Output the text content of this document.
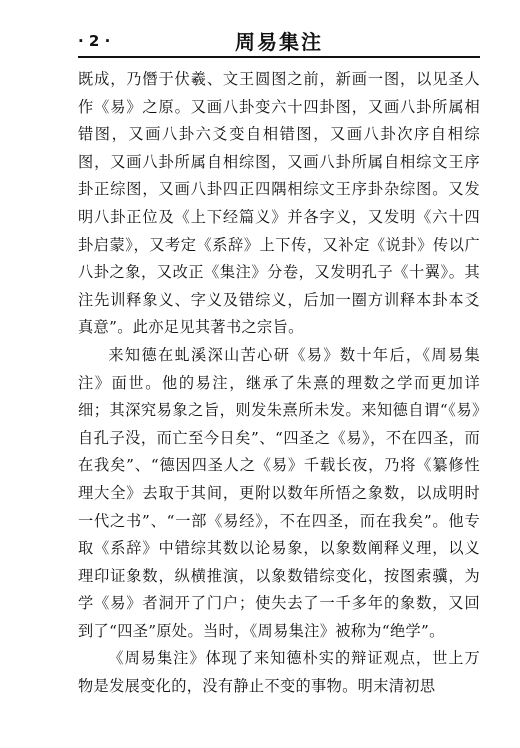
· 2 ·	周易集注

既成，乃僭于伏羲、文王圆图之前，新画一图，以见圣人作《易》之原。又画八卦变六十四卦图，又画八卦所属相错图，又画八卦六爻变自相错图，又画八卦次序自相综图，又画八卦所属自相综图，又画八卦所属自相综文王序卦正综图，又画八卦四正四隅相综文王序卦杂综图。又发明八卦正位及《上下经篇义》并各字义，又发明《六十四卦启蒙》，又考定《系辞》上下传，又补定《说卦》传以广八卦之象，又改正《集注》分卷，又发明孔子《十翼》。其注先训释象义、字义及错综义，后加一圈方训释本卦本爻真意”。此亦足见其著书之宗旨。

来知德在虬溪深山苦心研《易》数十年后，《周易集注》面世。他的易注，继承了朱熹的理数之学而更加详细；其深究易象之旨，则发朱熹所未发。来知德自谓“《易》自孔子没，而亡至今日矣”、“四圣之《易》，不在四圣，而在我矣”、“德因四圣人之《易》千载长夜，乃将《纂修性理大全》去取于其间，更附以数年所悟之象数，以成明时一代之书”、“一部《易经》，不在四圣，而在我矣”。他专取《系辞》中错综其数以论易象，以象数阐释义理，以义理印证象数，纵横推演，以象数错综变化，按图索骥，为学《易》者洞开了门户；使失去了一千多年的象数，又回到了“四圣”原处。当时，《周易集注》被称为“绝学”。

《周易集注》体现了来知德朴实的辩证观点，世上万物是发展变化的，没有静止不变的事物。明末清初思
